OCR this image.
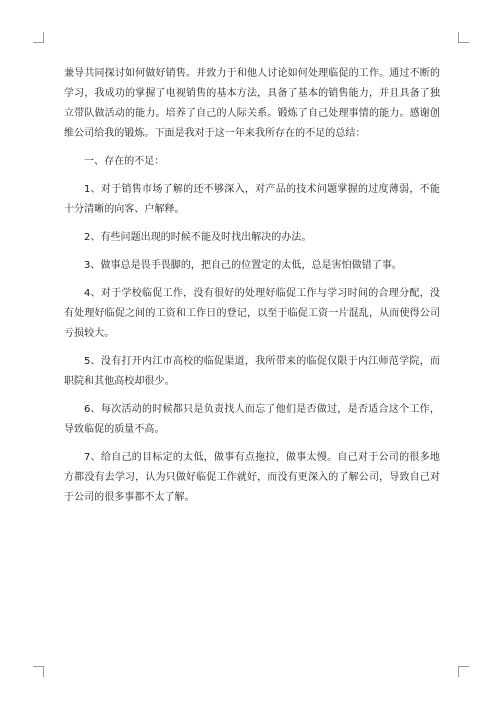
兼导共同探讨如何做好销售。并致力于和他人讨论如何处理临促的工作。通过不断的学习，我成功的掌握了电视销售的基本方法，具备了基本的销售能力，并且具备了独立带队做活动的能力。培养了自己的人际关系。锻炼了自己处理事情的能力。感谢创维公司给我的锻炼。下面是我对于这一年来我所存在的不足的总结：

一、存在的不足：

1、对于销售市场了解的还不够深入，对产品的技术问题掌握的过度薄弱，不能十分清晰的向客、户解释。

2、有些问题出现的时候不能及时找出解决的办法。

3、做事总是畏手畏脚的，把自己的位置定的太低，总是害怕做错了事。

4、对于学校临促工作，没有很好的处理好临促工作与学习时间的合理分配，没有处理好临促之间的工资和工作日的登记，以至于临促工资一片混乱，从而使得公司亏损较大。

5、没有打开内江市高校的临促渠道，我所带来的临促仅限于内江师范学院，而职院和其他高校却很少。

6、每次活动的时候都只是负责找人而忘了他们是否做过，是否适合这个工作，导致临促的质量不高。

7、给自己的目标定的太低，做事有点拖拉，做事太慢。自己对于公司的很多地方都没有去学习，认为只做好临促工作就好，而没有更深入的了解公司，导致自己对于公司的很多事都不太了解。
